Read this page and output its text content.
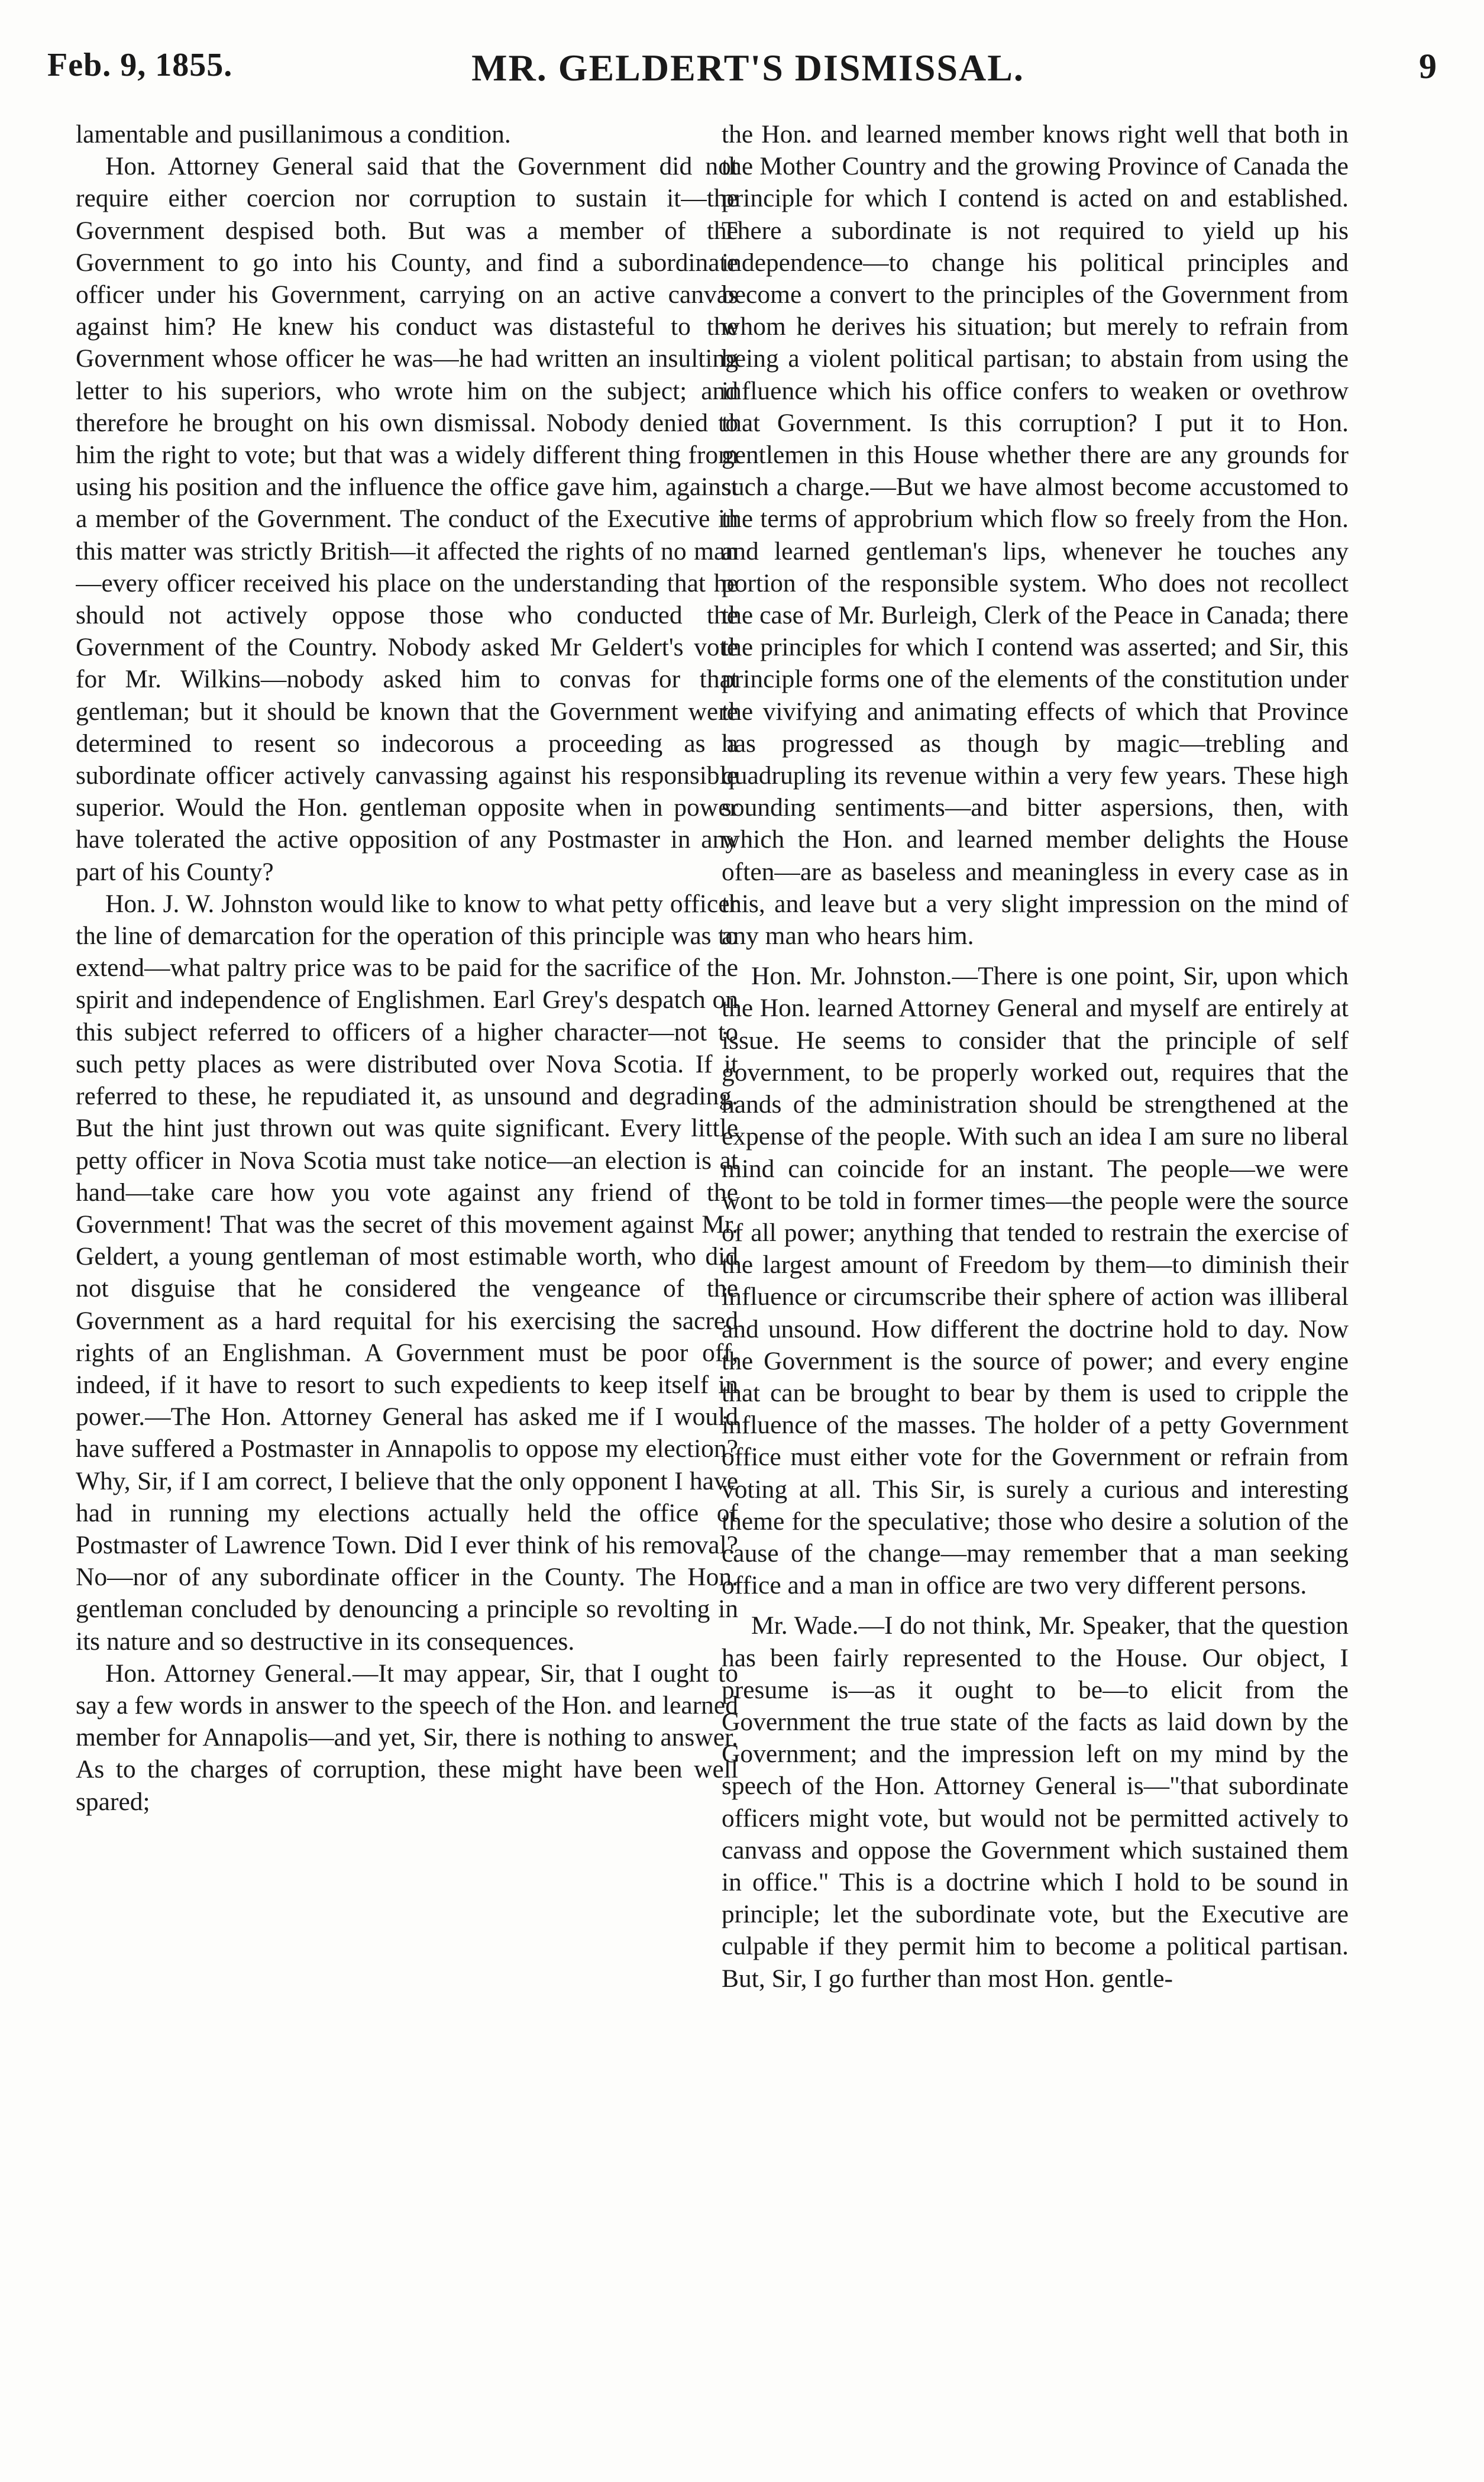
Feb. 9, 1855.	MR. GELDERT'S DISMISSAL.	9

lamentable and pusillanimous a condition.

Hon. Attorney General said that the Government did not require either coercion nor corruption to sustain it—the Government despised both. But was a member of the Government to go into his County, and find a subordinate officer under his Government, carrying on an active canvas against him? He knew his conduct was distasteful to the Government whose officer he was—he had written an insulting letter to his superiors, who wrote him on the subject; and therefore he brought on his own dismissal. Nobody denied to him the right to vote; but that was a widely different thing from using his position and the influence the office gave him, against a member of the Government. The conduct of the Executive in this matter was strictly British—it affected the rights of no man—every officer received his place on the understanding that he should not actively oppose those who conducted the Government of the Country. Nobody asked Mr Geldert's vote for Mr. Wilkins—nobody asked him to convas for that gentleman; but it should be known that the Government were determined to resent so indecorous a proceeding as a subordinate officer actively canvassing against his responsible superior. Would the Hon. gentleman opposite when in power have tolerated the active opposition of any Postmaster in any part of his County?

Hon. J. W. Johnston would like to know to what petty officer the line of demarcation for the operation of this principle was to extend—what paltry price was to be paid for the sacrifice of the spirit and independence of Englishmen. Earl Grey's despatch on this subject referred to officers of a higher character—not to such petty places as were distributed over Nova Scotia. If it referred to these, he repudiated it, as unsound and degrading. But the hint just thrown out was quite significant. Every little petty officer in Nova Scotia must take notice—an election is at hand—take care how you vote against any friend of the Government! That was the secret of this movement against Mr. Geldert, a young gentleman of most estimable worth, who did not disguise that he considered the vengeance of the Government as a hard requital for his exercising the sacred rights of an Englishman. A Government must be poor off, indeed, if it have to resort to such expedients to keep itself in power.—The Hon. Attorney General has asked me if I would have suffered a Postmaster in Annapolis to oppose my election? Why, Sir, if I am correct, I believe that the only opponent I have had in running my elections actually held the office of Postmaster of Lawrence Town. Did I ever think of his removal? No—nor of any subordinate officer in the County. The Hon. gentleman concluded by denouncing a principle so revolting in its nature and so destructive in its consequences.

Hon. Attorney General.—It may appear, Sir, that I ought to say a few words in answer to the speech of the Hon. and learned member for Annapolis—and yet, Sir, there is nothing to answer. As to the charges of corruption, these might have been well spared;

the Hon. and learned member knows right well that both in the Mother Country and the growing Province of Canada the principle for which I contend is acted on and established. There a subordinate is not required to yield up his independence—to change his political principles and become a convert to the principles of the Government from whom he derives his situation; but merely to refrain from being a violent political partisan; to abstain from using the influence which his office confers to weaken or ovethrow that Government. Is this corruption? I put it to Hon. gentlemen in this House whether there are any grounds for such a charge.—But we have almost become accustomed to the terms of approbrium which flow so freely from the Hon. and learned gentleman's lips, whenever he touches any portion of the responsible system. Who does not recollect the case of Mr. Burleigh, Clerk of the Peace in Canada; there the principles for which I contend was asserted; and Sir, this principle forms one of the elements of the constitution under the vivifying and animating effects of which that Province has progressed as though by magic—trebling and quadrupling its revenue within a very few years. These high sounding sentiments—and bitter aspersions, then, with which the Hon. and learned member delights the House often—are as baseless and meaningless in every case as in this, and leave but a very slight impression on the mind of any man who hears him.

Hon. Mr. Johnston.—There is one point, Sir, upon which the Hon. learned Attorney General and myself are entirely at issue. He seems to consider that the principle of self government, to be properly worked out, requires that the hands of the administration should be strengthened at the expense of the people. With such an idea I am sure no liberal mind can coincide for an instant. The people—we were wont to be told in former times—the people were the source of all power; anything that tended to restrain the exercise of the largest amount of Freedom by them—to diminish their influence or circumscribe their sphere of action was illiberal and unsound. How different the doctrine hold to day. Now the Government is the source of power; and every engine that can be brought to bear by them is used to cripple the influence of the masses. The holder of a petty Government office must either vote for the Government or refrain from voting at all. This Sir, is surely a curious and interesting theme for the speculative; those who desire a solution of the cause of the change—may remember that a man seeking office and a man in office are two very different persons.

Mr. Wade.—I do not think, Mr. Speaker, that the question has been fairly represented to the House. Our object, I presume is—as it ought to be—to elicit from the Government the true state of the facts as laid down by the Government; and the impression left on my mind by the speech of the Hon. Attorney General is—"that subordinate officers might vote, but would not be permitted actively to canvass and oppose the Government which sustained them in office." This is a doctrine which I hold to be sound in principle; let the subordinate vote, but the Executive are culpable if they permit him to become a political partisan. But, Sir, I go further than most Hon. gentle-
